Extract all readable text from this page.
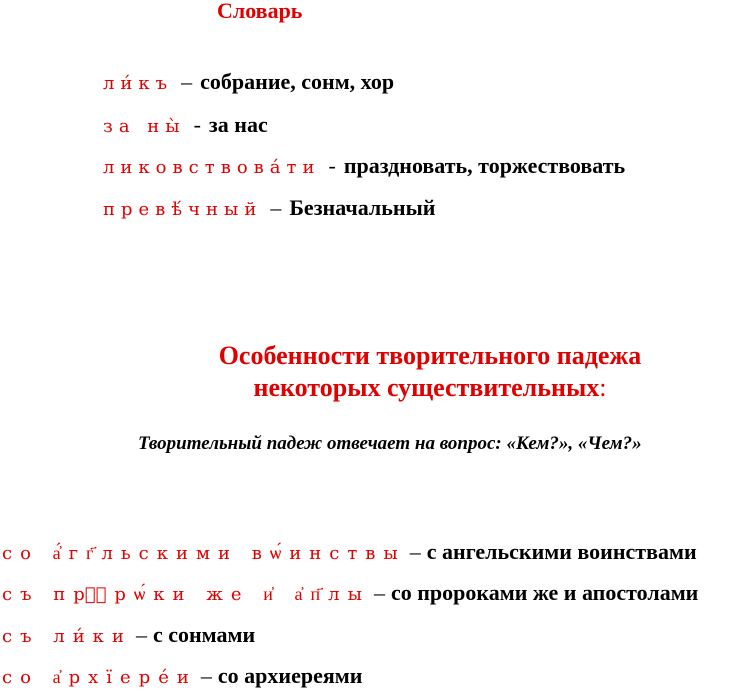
Словарь
ли́къ – собрание, сонм, хор
за ны̀ - за нас
ликовствова́ти - праздновать, торжествовать
превѣ́чный – Безначальный
Особенности творительного падежа
некоторых существительных:
Творительный падеж отвечает на вопрос: «Кем?», «Чем?»
со а҆́гг҃льскими вѡ́инствы – с ангельскими воинствами
съ прⷪ҇рѡ́ки же и҆ а҆п҃лы – со пророками же и апостолами
съ ли́ки – с сонмами
со а҆рхїере́и – со архиереями
